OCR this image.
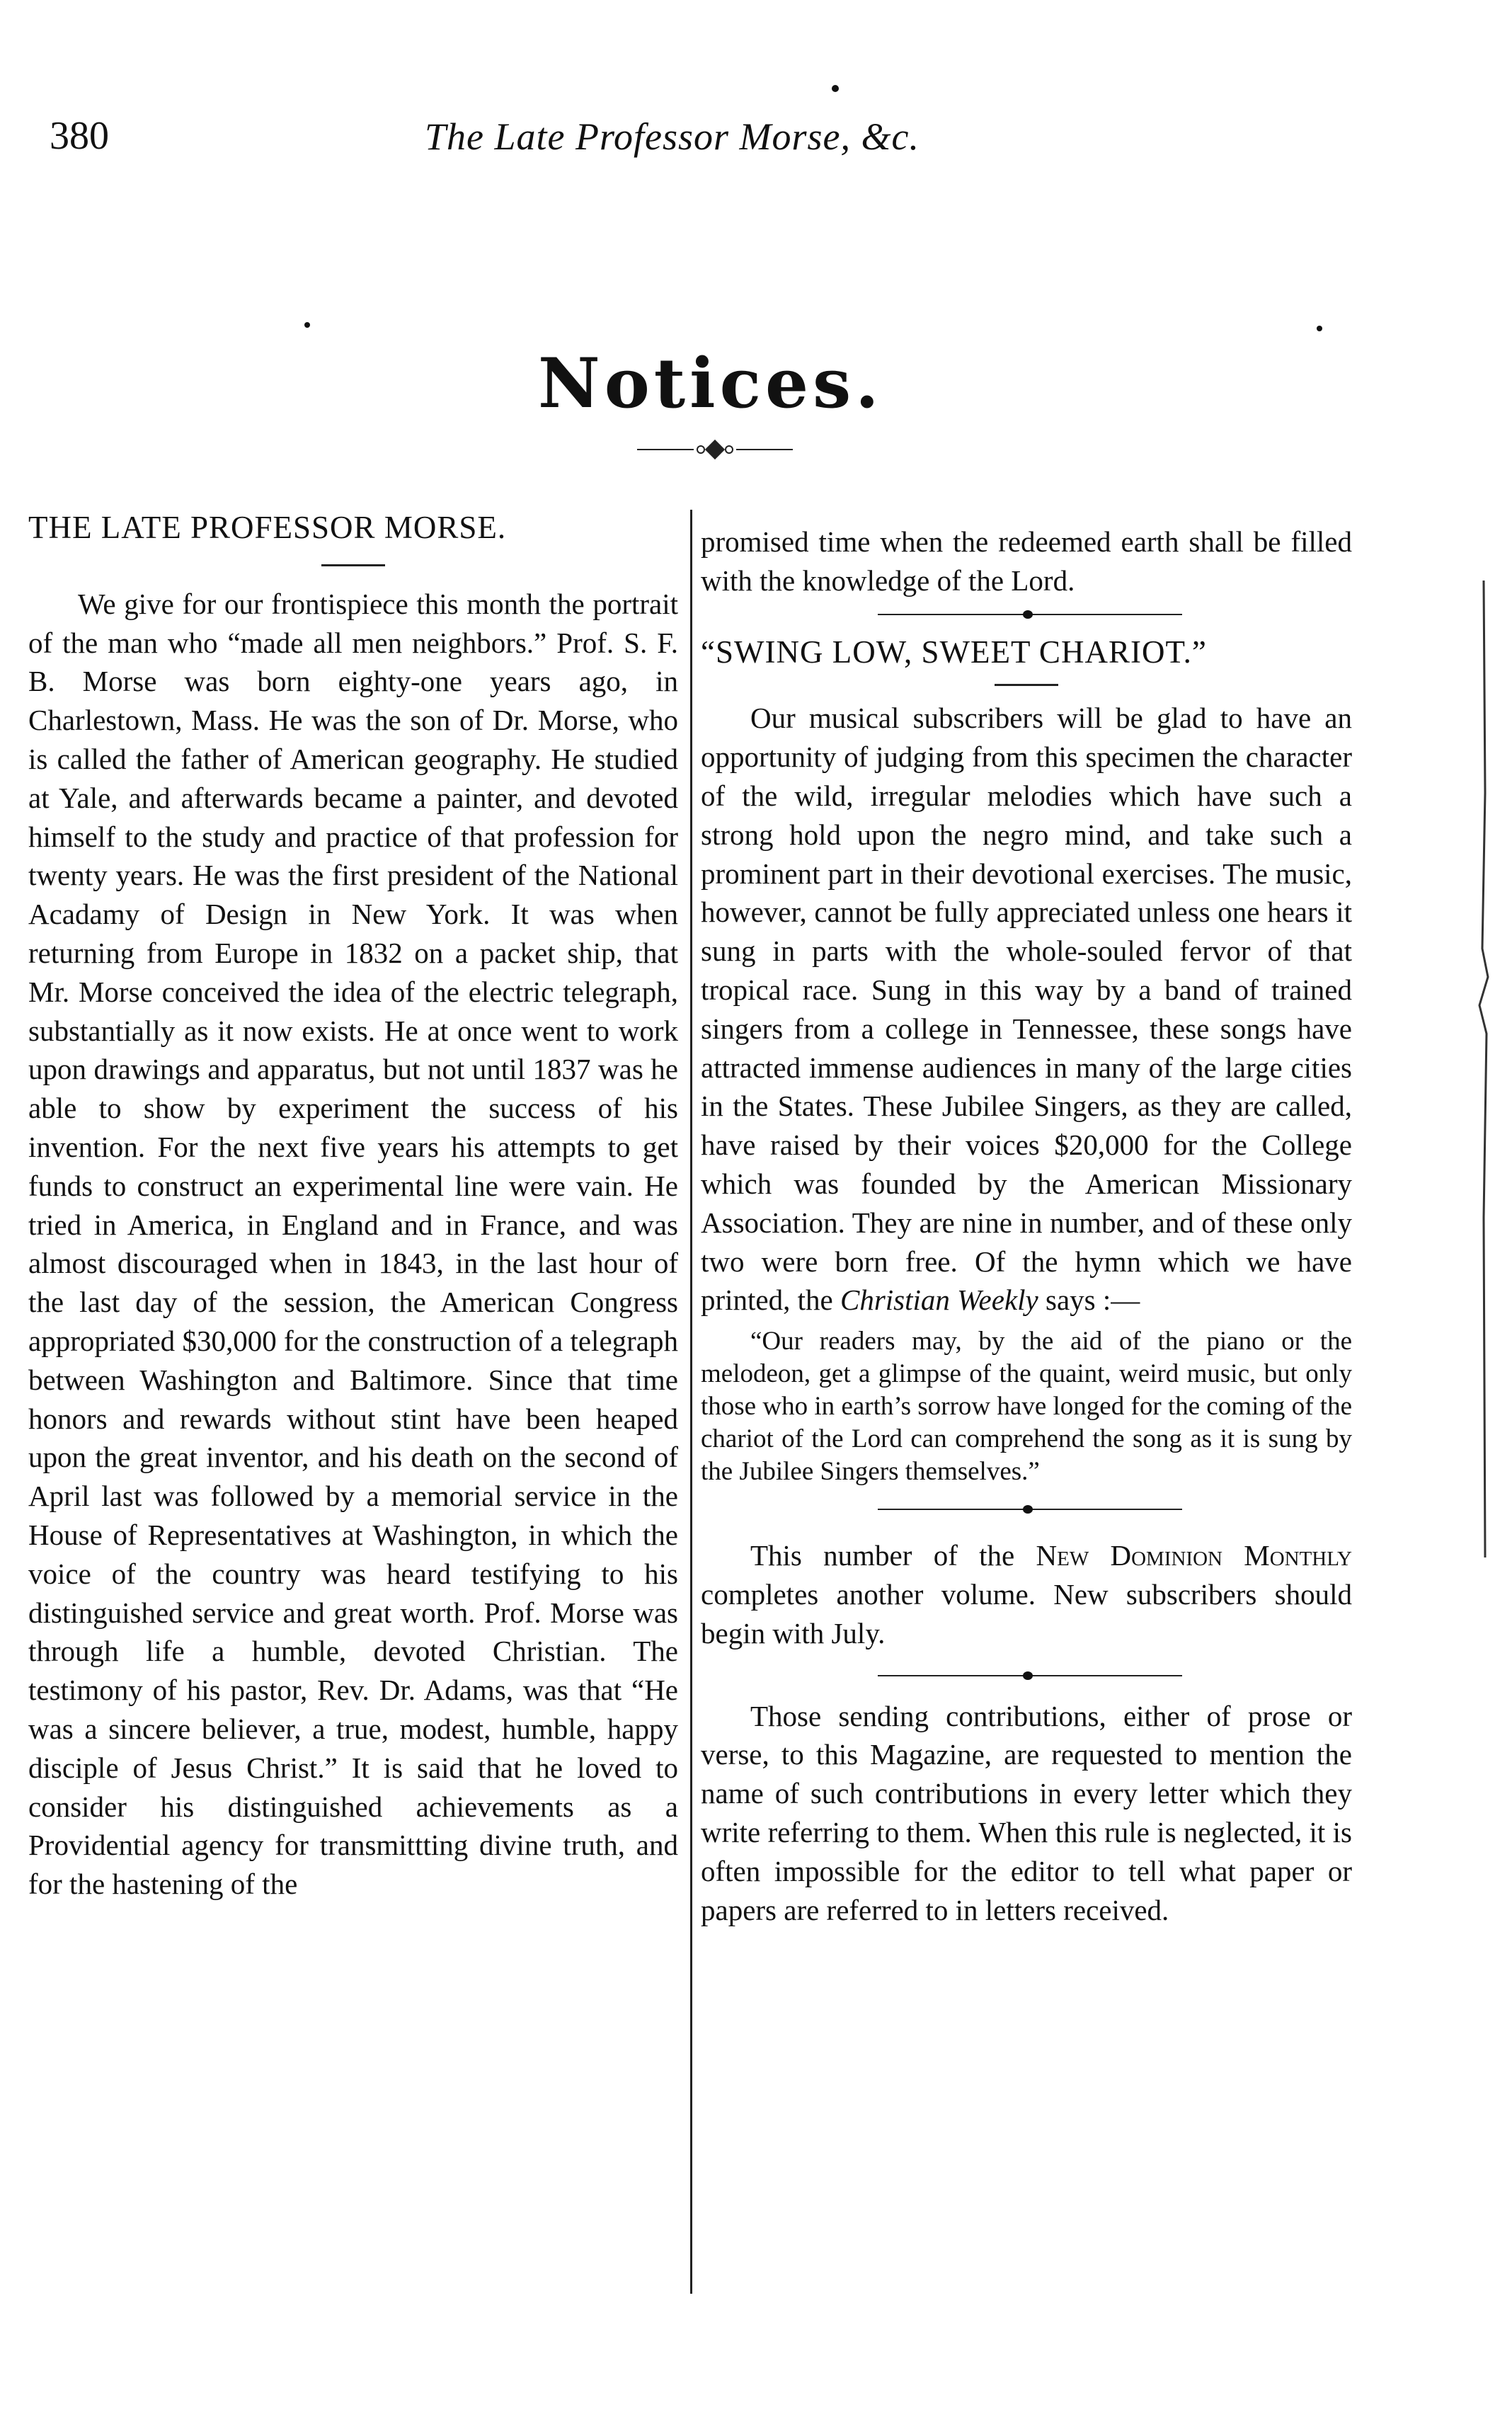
380	The Late Professor Morse, &c.
Notices.

THE LATE PROFESSOR MORSE.

We give for our frontispiece this month the portrait of the man who “made all men neighbors.” Prof. S. F. B. Morse was born eighty-one years ago, in Charlestown, Mass. He was the son of Dr. Morse, who is called the father of American geography. He studied at Yale, and afterwards became a painter, and devoted himself to the study and practice of that profession for twenty years. He was the first president of the National Acadamy of Design in New York. It was when returning from Europe in 1832 on a packet ship, that Mr. Morse conceived the idea of the electric telegraph, substantially as it now exists. He at once went to work upon drawings and apparatus, but not until 1837 was he able to show by experiment the success of his invention. For the next five years his attempts to get funds to construct an experimental line were vain. He tried in America, in England and in France, and was almost discouraged when in 1843, in the last hour of the last day of the session, the American Congress appropriated $30,000 for the construction of a telegraph between Washington and Baltimore. Since that time honors and rewards without stint have been heaped upon the great inventor, and his death on the second of April last was followed by a memorial service in the House of Representatives at Washington, in which the voice of the country was heard testifying to his distinguished service and great worth. Prof. Morse was through life a humble, devoted Christian. The testimony of his pastor, Rev. Dr. Adams, was that “He was a sincere believer, a true, modest, humble, happy disciple of Jesus Christ.” It is said that he loved to consider his distinguished achievements as a Providential agency for transmittting divine truth, and for the hastening of the

promised time when the redeemed earth shall be filled with the knowledge of the Lord.

“SWING LOW, SWEET CHARIOT.”

Our musical subscribers will be glad to have an opportunity of judging from this specimen the character of the wild, irregular melodies which have such a strong hold upon the negro mind, and take such a prominent part in their devotional exercises. The music, however, cannot be fully appreciated unless one hears it sung in parts with the whole-souled fervor of that tropical race. Sung in this way by a band of trained singers from a college in Tennessee, these songs have attracted immense audiences in many of the large cities in the States. These Jubilee Singers, as they are called, have raised by their voices $20,000 for the College which was founded by the American Missionary Association. They are nine in number, and of these only two were born free. Of the hymn which we have printed, the Christian Weekly says :—

“Our readers may, by the aid of the piano or the melodeon, get a glimpse of the quaint, weird music, but only those who in earth’s sorrow have longed for the coming of the chariot of the Lord can comprehend the song as it is sung by the Jubilee Singers themselves.”

This number of the New Dominion Monthly completes another volume. New subscribers should begin with July.

Those sending contributions, either of prose or verse, to this Magazine, are requested to mention the name of such contributions in every letter which they write referring to them. When this rule is neglected, it is often impossible for the editor to tell what paper or papers are referred to in letters received.
